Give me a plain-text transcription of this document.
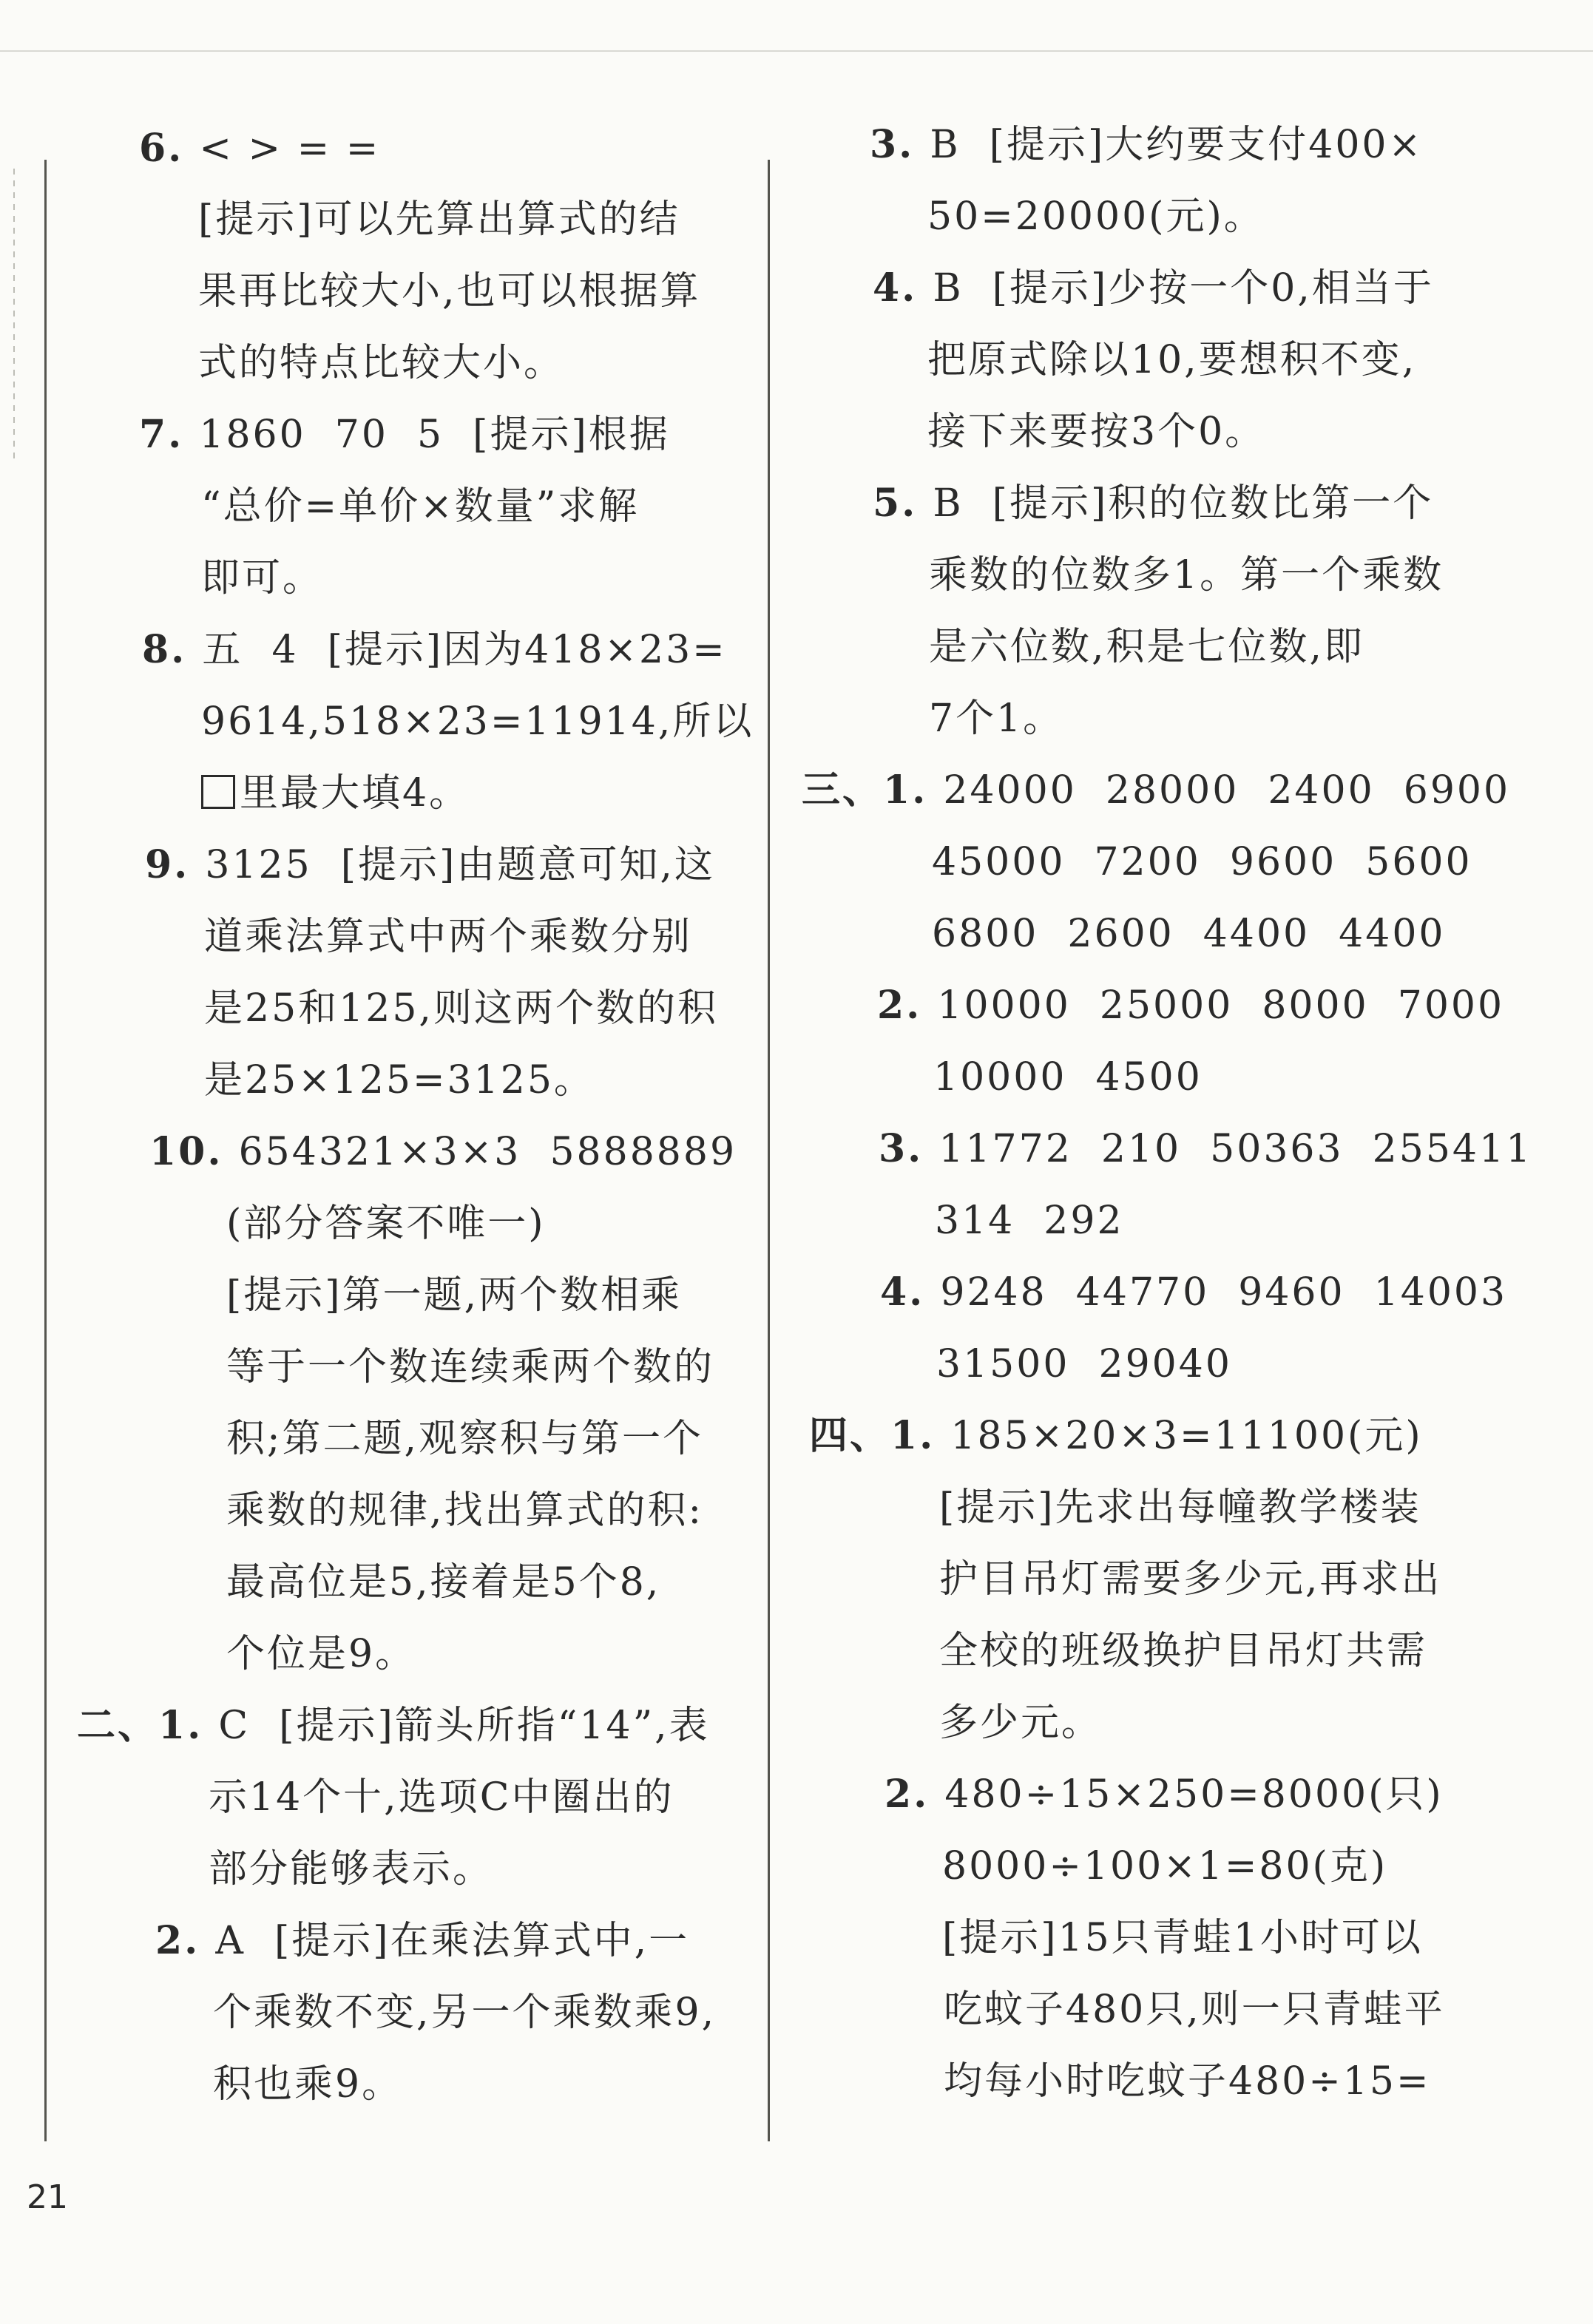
6. < > = =
[提示]可以先算出算式的结
果再比较大小,也可以根据算
式的特点比较大小。
7. 1860  70  5  [提示]根据
“总价=单价×数量”求解
即可。
8. 五  4  [提示]因为418×23=
9614,518×23=11914,所以
里最大填4。
9. 3125  [提示]由题意可知,这
道乘法算式中两个乘数分别
是25和125,则这两个数的积
是25×125=3125。
10. 654321×3×3  5888889
(部分答案不唯一)
[提示]第一题,两个数相乘
等于一个数连续乘两个数的
积;第二题,观察积与第一个
乘数的规律,找出算式的积:
最高位是5,接着是5个8,
个位是9。
二、1. C  [提示]箭头所指“14”,表
示14个十,选项C中圈出的
部分能够表示。
2. A  [提示]在乘法算式中,一
个乘数不变,另一个乘数乘9,
积也乘9。
3. B  [提示]大约要支付400×
50=20000(元)。
4. B  [提示]少按一个0,相当于
把原式除以10,要想积不变,
接下来要按3个0。
5. B  [提示]积的位数比第一个
乘数的位数多1。第一个乘数
是六位数,积是七位数,即
7个1。
三、1. 24000  28000  2400  6900
45000  7200  9600  5600
6800  2600  4400  4400
2. 10000  25000  8000  7000
10000  4500
3. 11772  210  50363  255411
314  292
4. 9248  44770  9460  14003
31500  29040
四、1. 185×20×3=11100(元)
[提示]先求出每幢教学楼装
护目吊灯需要多少元,再求出
全校的班级换护目吊灯共需
多少元。
2. 480÷15×250=8000(只)
8000÷100×1=80(克)
[提示]15只青蛙1小时可以
吃蚊子480只,则一只青蛙平
均每小时吃蚊子480÷15=
21
